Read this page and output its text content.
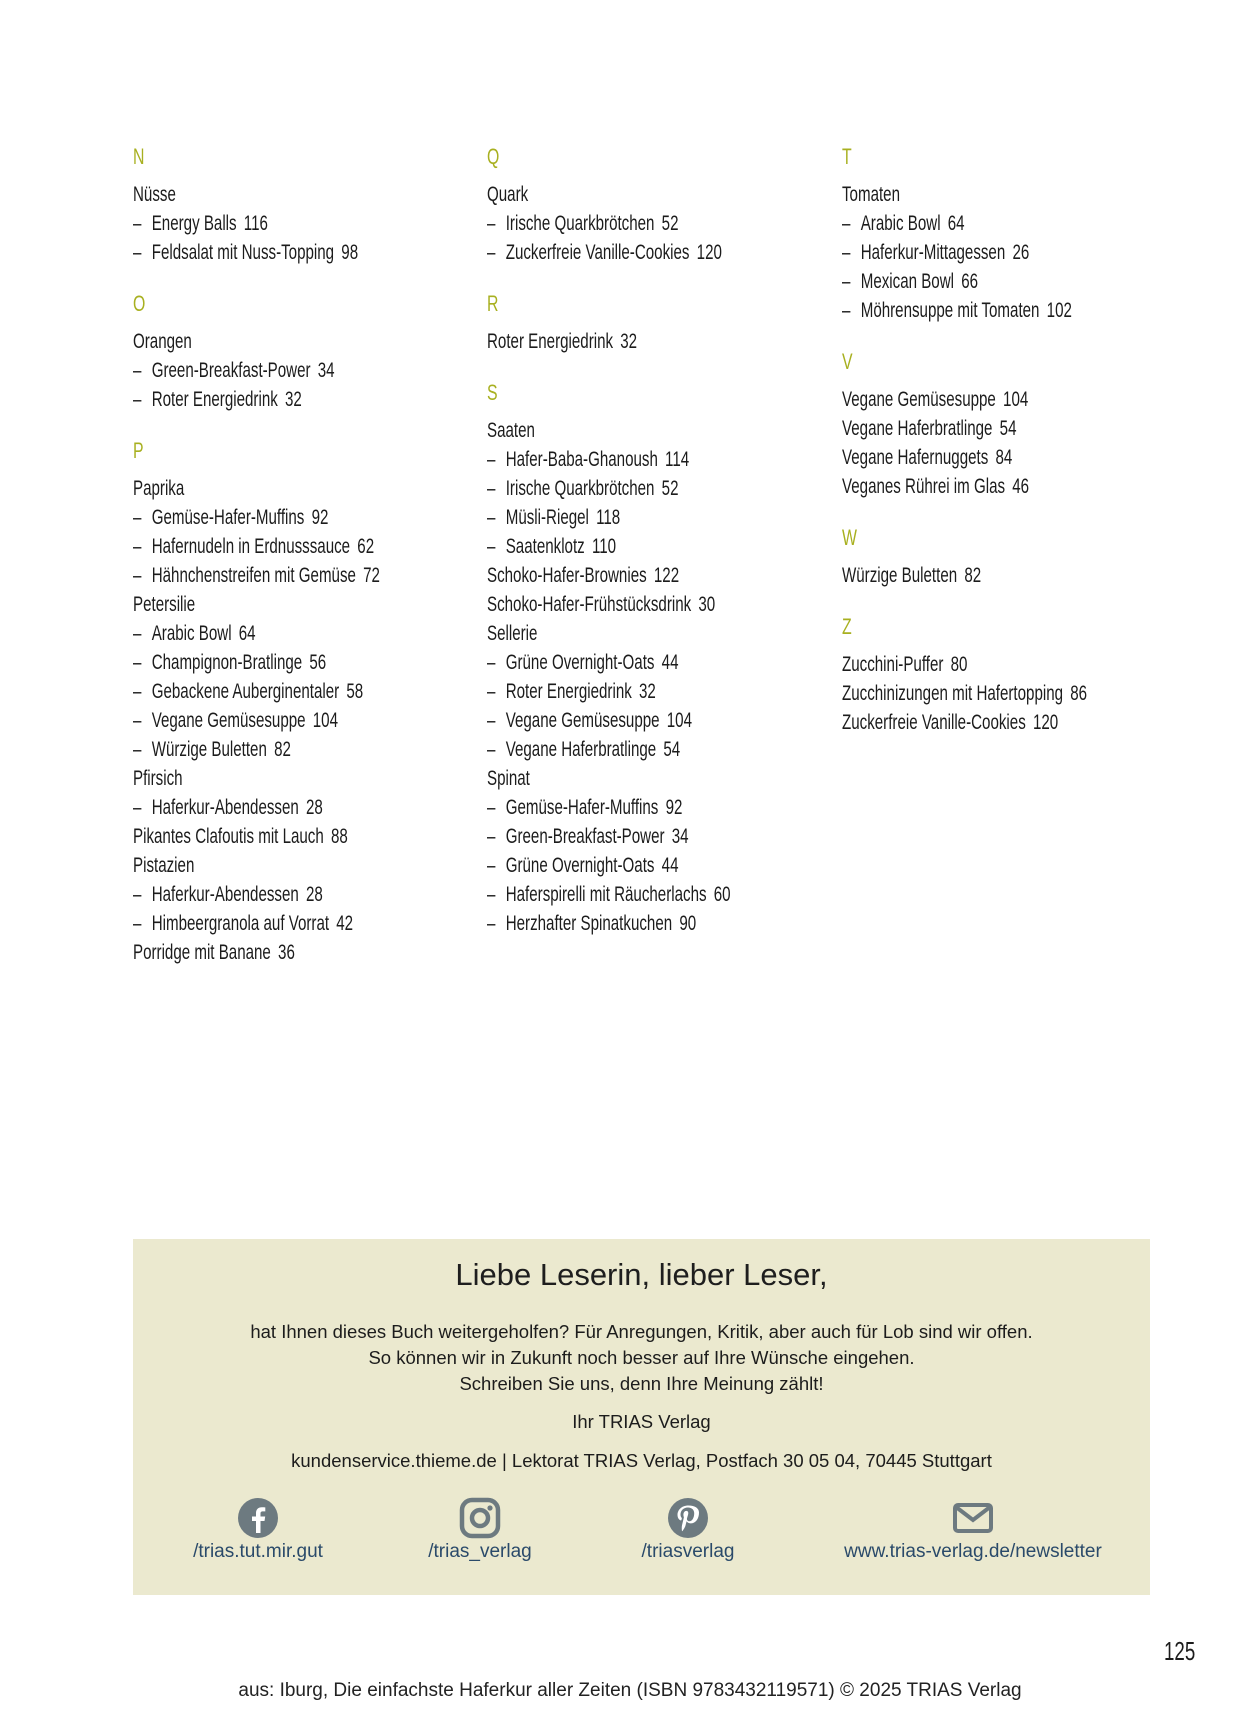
N
Nüsse
– Energy Balls 116
– Feldsalat mit Nuss-Topping 98
O
Orangen
– Green-Breakfast-Power 34
– Roter Energiedrink 32
P
Paprika
– Gemüse-Hafer-Muffins 92
– Hafernudeln in Erdnusssauce 62
– Hähnchenstreifen mit Gemüse 72
Petersilie
– Arabic Bowl 64
– Champignon-Bratlinge 56
– Gebackene Auberginentaler 58
– Vegane Gemüsesuppe 104
– Würzige Buletten 82
Pfirsich
– Haferkur-Abendessen 28
Pikantes Clafoutis mit Lauch 88
Pistazien
– Haferkur-Abendessen 28
– Himbeergranola auf Vorrat 42
Porridge mit Banane 36
Q
Quark
– Irische Quarkbrötchen 52
– Zuckerfreie Vanille-Cookies 120
R
Roter Energiedrink 32
S
Saaten
– Hafer-Baba-Ghanoush 114
– Irische Quarkbrötchen 52
– Müsli-Riegel 118
– Saatenklotz 110
Schoko-Hafer-Brownies 122
Schoko-Hafer-Frühstücksdrink 30
Sellerie
– Grüne Overnight-Oats 44
– Roter Energiedrink 32
– Vegane Gemüsesuppe 104
– Vegane Haferbratlinge 54
Spinat
– Gemüse-Hafer-Muffins 92
– Green-Breakfast-Power 34
– Grüne Overnight-Oats 44
– Haferspirelli mit Räucherlachs 60
– Herzhafter Spinatkuchen 90
T
Tomaten
– Arabic Bowl 64
– Haferkur-Mittagessen 26
– Mexican Bowl 66
– Möhrensuppe mit Tomaten 102
V
Vegane Gemüsesuppe 104
Vegane Haferbratlinge 54
Vegane Hafernuggets 84
Veganes Rührei im Glas 46
W
Würzige Buletten 82
Z
Zucchini-Puffer 80
Zucchinizungen mit Hafertopping 86
Zuckerfreie Vanille-Cookies 120
Liebe Leserin, lieber Leser,
hat Ihnen dieses Buch weitergeholfen? Für Anregungen, Kritik, aber auch für Lob sind wir offen.
So können wir in Zukunft noch besser auf Ihre Wünsche eingehen.
Schreiben Sie uns, denn Ihre Meinung zählt!
Ihr TRIAS Verlag
kundenservice.thieme.de | Lektorat TRIAS Verlag, Postfach 30 05 04, 70445 Stuttgart
/trias.tut.mir.gut	/trias_verlag	/triasverlag	www.trias-verlag.de/newsletter
125
aus: Iburg, Die einfachste Haferkur aller Zeiten (ISBN 9783432119571) © 2025 TRIAS Verlag
